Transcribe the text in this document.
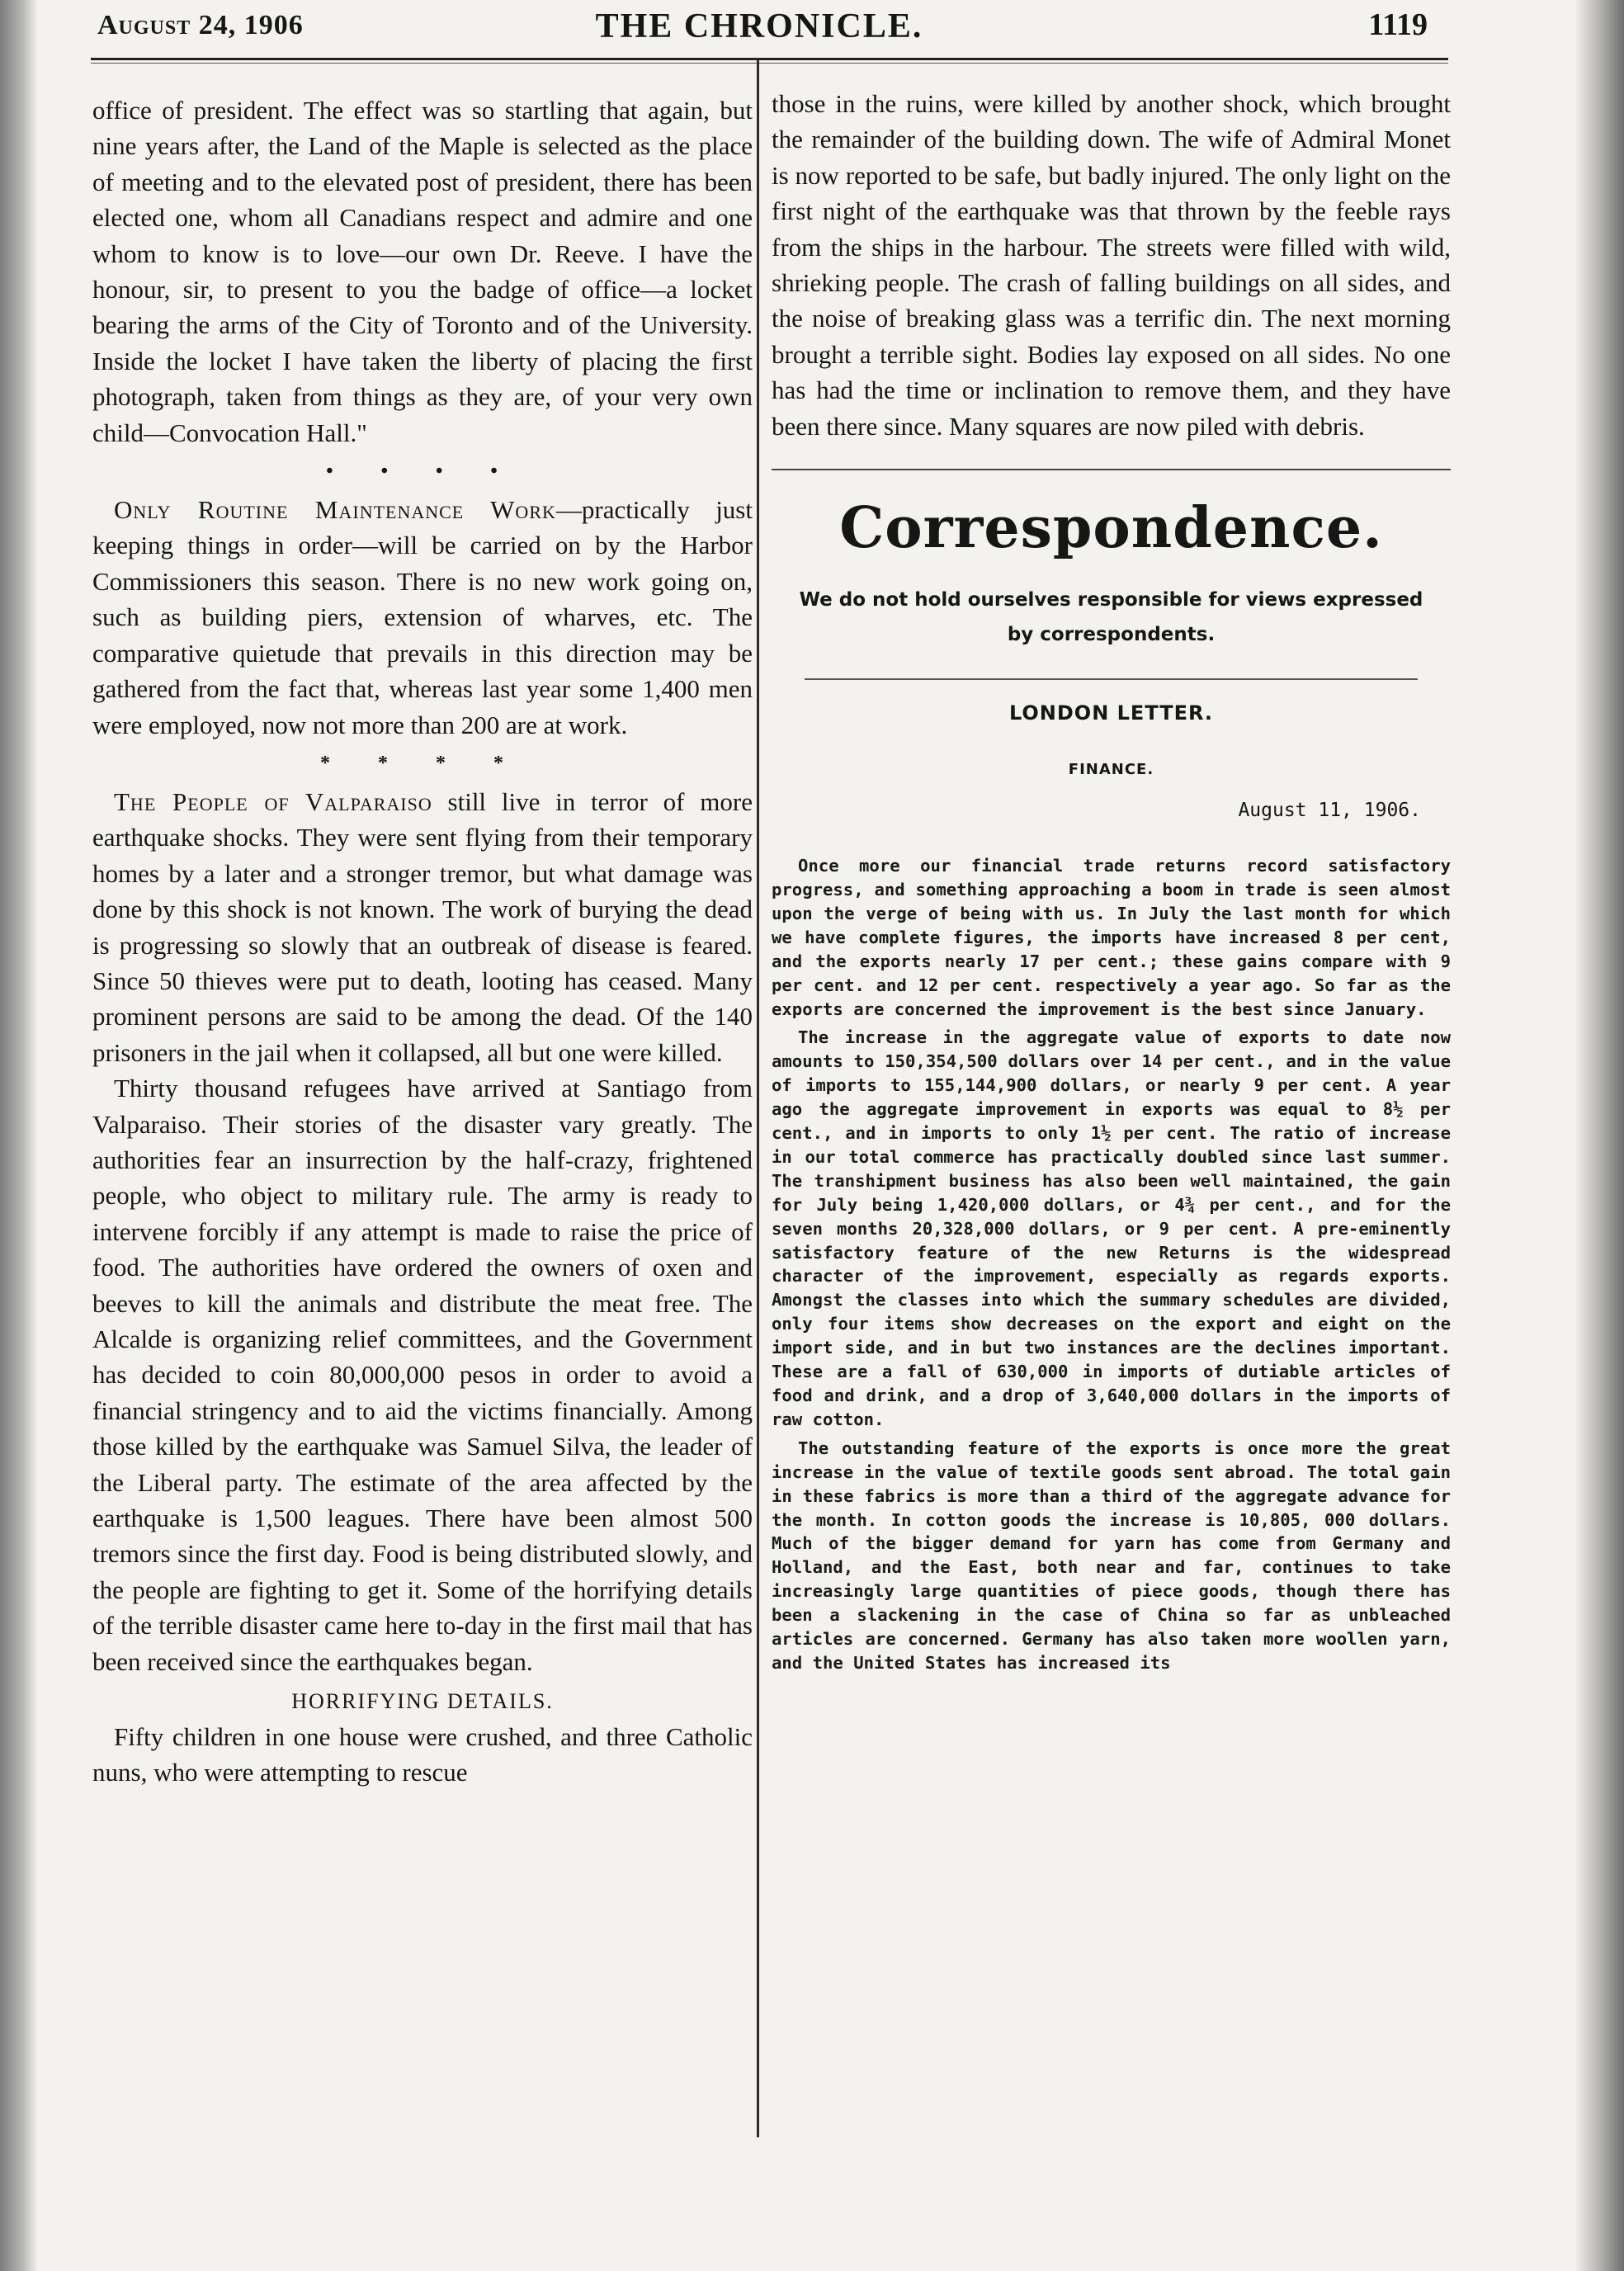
August 24, 1906	THE CHRONICLE.	1119

office of president. The effect was so startling that again, but nine years after, the Land of the Maple is selected as the place of meeting and to the elevated post of president, there has been elected one, whom all Canadians respect and admire and one whom to know is to love—our own Dr. Reeve. I have the honour, sir, to present to you the badge of office—a locket bearing the arms of the City of Toronto and of the University. Inside the locket I have taken the liberty of placing the first photograph, taken from things as they are, of your very own child—Convocation Hall."

• • • •

Only Routine Maintenance Work—practically just keeping things in order—will be carried on by the Harbor Commissioners this season. There is no new work going on, such as building piers, extension of wharves, etc. The comparative quietude that prevails in this direction may be gathered from the fact that, whereas last year some 1,400 men were employed, now not more than 200 are at work.

* * * *

The People of Valparaiso still live in terror of more earthquake shocks. They were sent flying from their temporary homes by a later and a stronger tremor, but what damage was done by this shock is not known. The work of burying the dead is progressing so slowly that an outbreak of disease is feared. Since 50 thieves were put to death, looting has ceased. Many prominent persons are said to be among the dead. Of the 140 prisoners in the jail when it collapsed, all but one were killed.

Thirty thousand refugees have arrived at Santiago from Valparaiso. Their stories of the disaster vary greatly. The authorities fear an insurrection by the half-crazy, frightened people, who object to military rule. The army is ready to intervene forcibly if any attempt is made to raise the price of food. The authorities have ordered the owners of oxen and beeves to kill the animals and distribute the meat free. The Alcalde is organizing relief committees, and the Government has decided to coin 80,000,000 pesos in order to avoid a financial stringency and to aid the victims financially. Among those killed by the earthquake was Samuel Silva, the leader of the Liberal party. The estimate of the area affected by the earthquake is 1,500 leagues. There have been almost 500 tremors since the first day. Food is being distributed slowly, and the people are fighting to get it. Some of the horrifying details of the terrible disaster came here to-day in the first mail that has been received since the earthquakes began.

HORRIFYING DETAILS.

Fifty children in one house were crushed, and three Catholic nuns, who were attempting to rescue

those in the ruins, were killed by another shock, which brought the remainder of the building down. The wife of Admiral Monet is now reported to be safe, but badly injured. The only light on the first night of the earthquake was that thrown by the feeble rays from the ships in the harbour. The streets were filled with wild, shrieking people. The crash of falling buildings on all sides, and the noise of breaking glass was a terrific din. The next morning brought a terrible sight. Bodies lay exposed on all sides. No one has had the time or inclination to remove them, and they have been there since. Many squares are now piled with debris.

Correspondence.
We do not hold ourselves responsible for views expressed
by correspondents.
LONDON LETTER.
FINANCE.
August 11, 1906.

Once more our financial trade returns record satisfactory progress, and something approaching a boom in trade is seen almost upon the verge of being with us. In July the last month for which we have complete figures, the imports have increased 8 per cent, and the exports nearly 17 per cent.; these gains compare with 9 per cent. and 12 per cent. respectively a year ago. So far as the exports are concerned the improvement is the best since January.

The increase in the aggregate value of exports to date now amounts to 150,354,500 dollars over 14 per cent., and in the value of imports to 155,144,900 dollars, or nearly 9 per cent. A year ago the aggregate improvement in exports was equal to 8½ per cent., and in imports to only 1½ per cent. The ratio of increase in our total commerce has practically doubled since last summer. The transhipment business has also been well maintained, the gain for July being 1,420,000 dollars, or 4¾ per cent., and for the seven months 20,328,000 dollars, or 9 per cent. A pre-eminently satisfactory feature of the new Returns is the widespread character of the improvement, especially as regards exports. Amongst the classes into which the summary schedules are divided, only four items show decreases on the export and eight on the import side, and in but two instances are the declines important. These are a fall of 630,000 in imports of dutiable articles of food and drink, and a drop of 3,640,000 dollars in the imports of raw cotton.

The outstanding feature of the exports is once more the great increase in the value of textile goods sent abroad. The total gain in these fabrics is more than a third of the aggregate advance for the month. In cotton goods the increase is 10,805, 000 dollars. Much of the bigger demand for yarn has come from Germany and Holland, and the East, both near and far, continues to take increasingly large quantities of piece goods, though there has been a slackening in the case of China so far as unbleached articles are concerned. Germany has also taken more woollen yarn, and the United States has increased its
